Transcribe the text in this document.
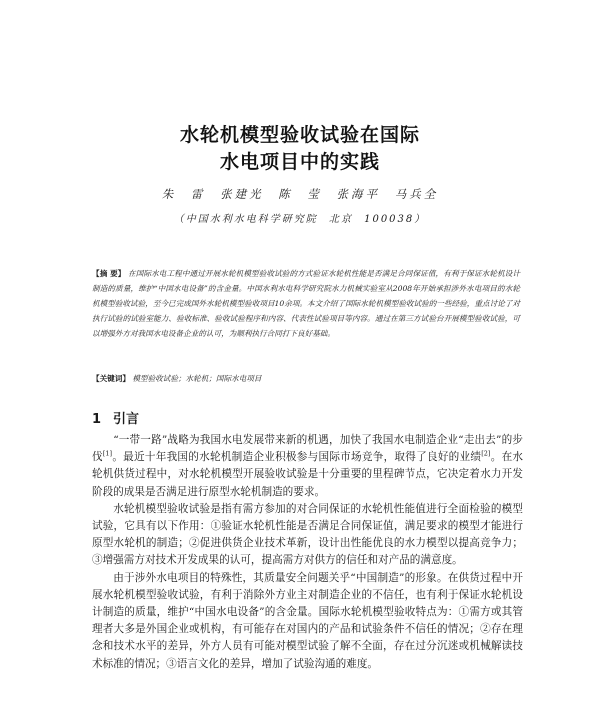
水轮机模型验收试验在国际
水电项目中的实践
朱 雷 张建光 陈 莹 张海平 马兵全
（中国水利水电科学研究院 北京 100038）
【摘 要】 在国际水电工程中通过开展水轮机模型验收试验的方式验证水轮机性能是否满足合同保证值，有利于保证水轮机设计制造的质量，维护“中国水电设备”的含金量。中国水利水电科学研究院水力机械实验室从2008年开始承担涉外水电项目的水轮机模型验收试验，至今已完成国外水轮机模型验收项目10余项。本文介绍了国际水轮机模型验收试验的一些经验，重点讨论了对执行试验的试验室能力、验收标准、验收试验程序和内容、代表性试验项目等内容。通过在第三方试验台开展模型验收试验，可以增强外方对我国水电设备企业的认可，为顺利执行合同打下良好基础。
【关键词】 模型验收试验；水轮机；国际水电项目
1 引言

“一带一路”战略为我国水电发展带来新的机遇，加快了我国水电制造企业“走出去”的步伐[1]。最近十年我国的水轮机制造企业积极参与国际市场竞争，取得了良好的业绩[2]。在水轮机供货过程中，对水轮机模型开展验收试验是十分重要的里程碑节点，它决定着水力开发阶段的成果是否满足进行原型水轮机制造的要求。

水轮机模型验收试验是指有需方参加的对合同保证的水轮机性能值进行全面检验的模型试验，它具有以下作用：①验证水轮机性能是否满足合同保证值，满足要求的模型才能进行原型水轮机的制造；②促进供货企业技术革新，设计出性能优良的水力模型以提高竞争力；③增强需方对技术开发成果的认可，提高需方对供方的信任和对产品的满意度。

由于涉外水电项目的特殊性，其质量安全问题关乎“中国制造”的形象。在供货过程中开展水轮机模型验收试验，有利于消除外方业主对制造企业的不信任，也有利于保证水轮机设计制造的质量，维护“中国水电设备”的含金量。国际水轮机模型验收特点为：①需方或其管理者大多是外国企业或机构，有可能存在对国内的产品和试验条件不信任的情况；②存在理念和技术水平的差异，外方人员有可能对模型试验了解不全面，存在过分沉迷或机械解读技术标准的情况；③语言文化的差异，增加了试验沟通的难度。
